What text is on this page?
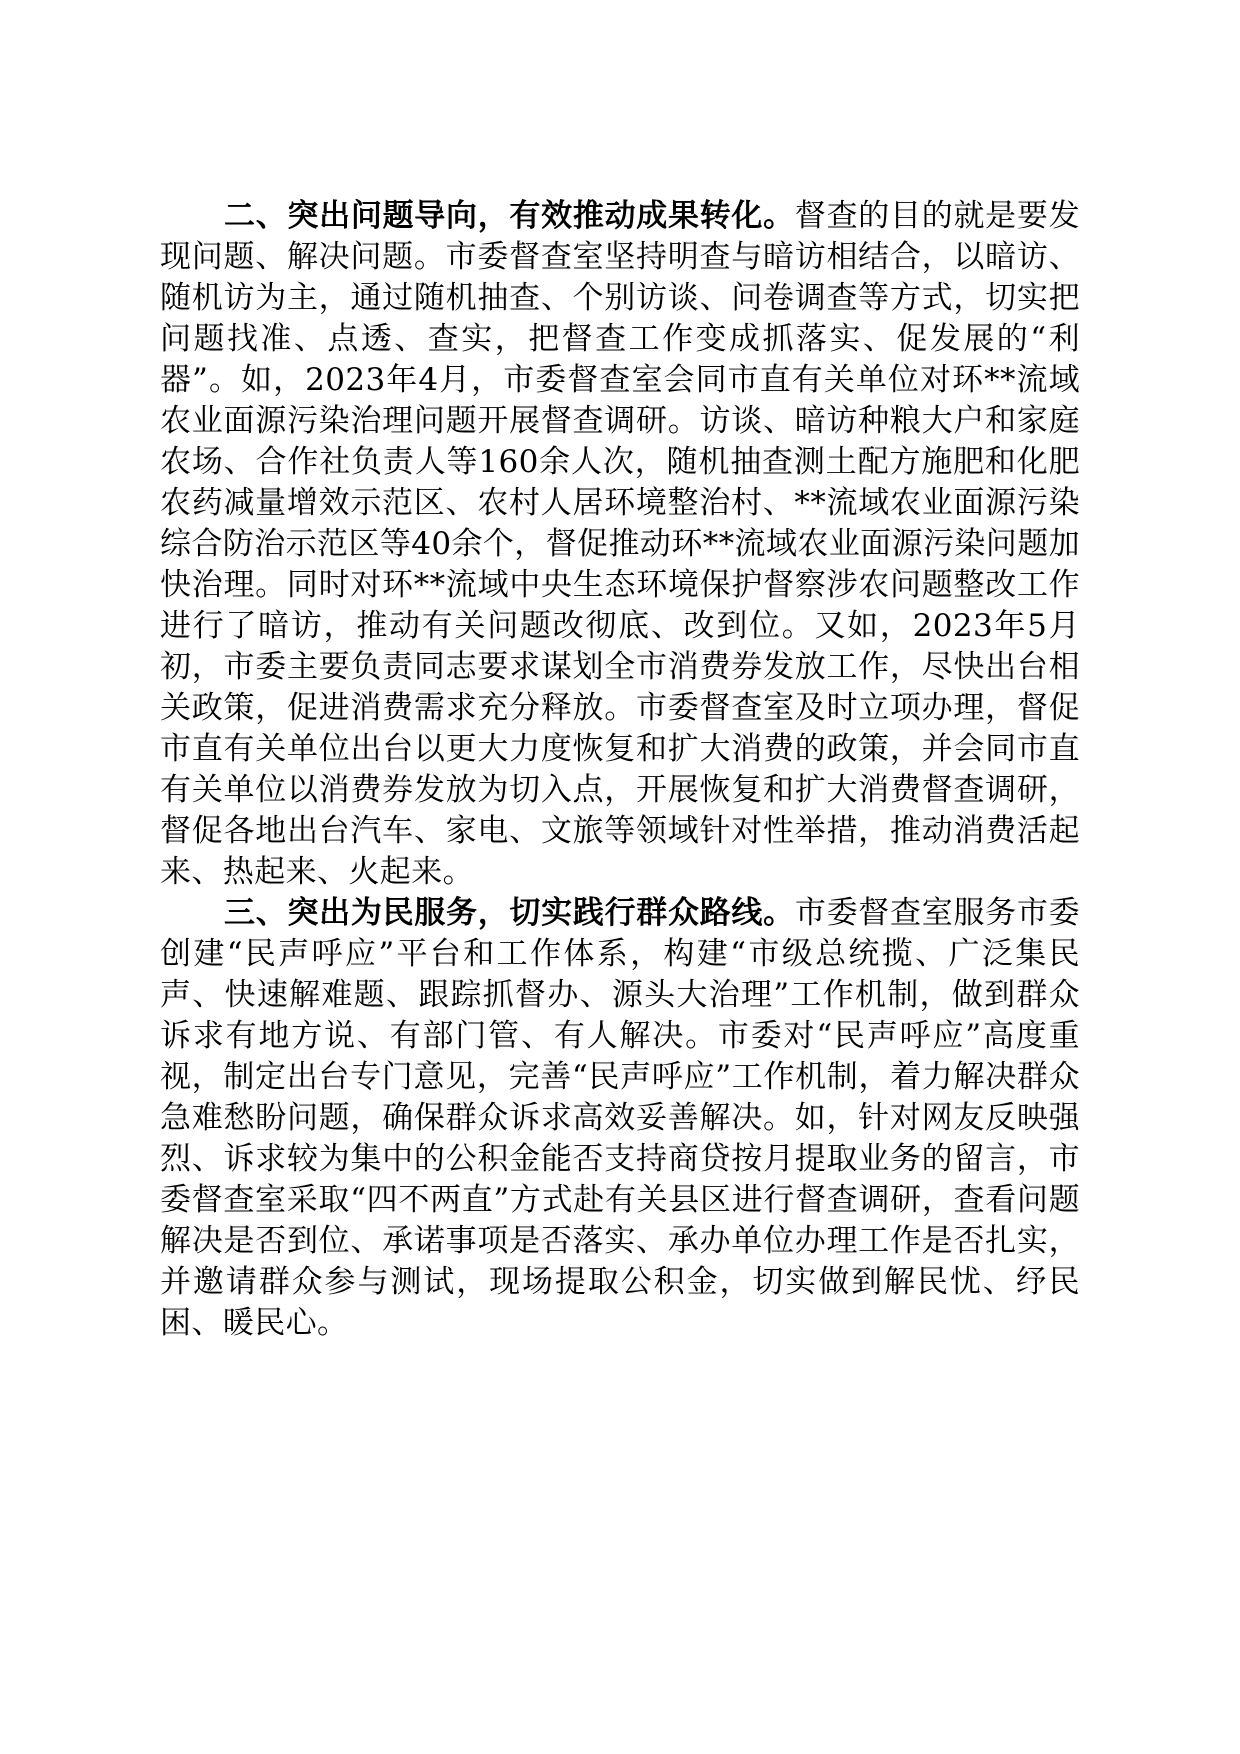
二、突出问题导向，有效推动成果转化。督查的目的就是要发现问题、解决问题。市委督查室坚持明查与暗访相结合，以暗访、随机访为主，通过随机抽查、个别访谈、问卷调查等方式，切实把问题找准、点透、查实，把督查工作变成抓落实、促发展的“利器”。如，2023年4月，市委督查室会同市直有关单位对环**流域农业面源污染治理问题开展督查调研。访谈、暗访种粮大户和家庭农场、合作社负责人等160余人次，随机抽查测土配方施肥和化肥农药减量增效示范区、农村人居环境整治村、**流域农业面源污染综合防治示范区等40余个，督促推动环**流域农业面源污染问题加快治理。同时对环**流域中央生态环境保护督察涉农问题整改工作进行了暗访，推动有关问题改彻底、改到位。又如，2023年5月初，市委主要负责同志要求谋划全市消费券发放工作，尽快出台相关政策，促进消费需求充分释放。市委督查室及时立项办理，督促市直有关单位出台以更大力度恢复和扩大消费的政策，并会同市直有关单位以消费券发放为切入点，开展恢复和扩大消费督查调研，督促各地出台汽车、家电、文旅等领域针对性举措，推动消费活起来、热起来、火起来。

三、突出为民服务，切实践行群众路线。市委督查室服务市委创建“民声呼应”平台和工作体系，构建“市级总统揽、广泛集民声、快速解难题、跟踪抓督办、源头大治理”工作机制，做到群众诉求有地方说、有部门管、有人解决。市委对“民声呼应”高度重视，制定出台专门意见，完善“民声呼应”工作机制，着力解决群众急难愁盼问题，确保群众诉求高效妥善解决。如，针对网友反映强烈、诉求较为集中的公积金能否支持商贷按月提取业务的留言，市委督查室采取“四不两直”方式赴有关县区进行督查调研，查看问题解决是否到位、承诺事项是否落实、承办单位办理工作是否扎实，并邀请群众参与测试，现场提取公积金，切实做到解民忧、纾民困、暖民心。
